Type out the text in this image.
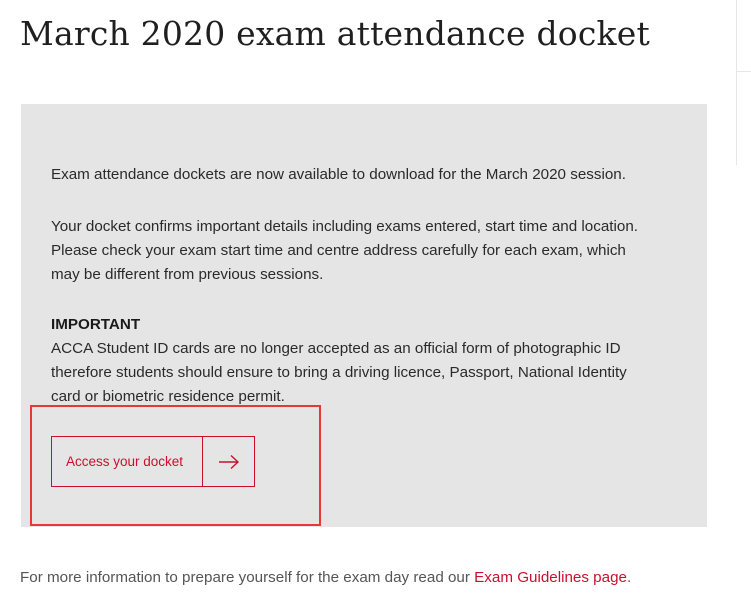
March 2020 exam attendance docket

Exam attendance dockets are now available to download for the March 2020 session.

Your docket confirms important details including exams entered, start time and location.
Please check your exam start time and centre address carefully for each exam, which
may be different from previous sessions.

IMPORTANT

ACCA Student ID cards are no longer accepted as an official form of photographic ID
therefore students should ensure to bring a driving licence, Passport, National Identity
card or biometric residence permit.

Access your docket

For more information to prepare yourself for the exam day read our Exam Guidelines page.
